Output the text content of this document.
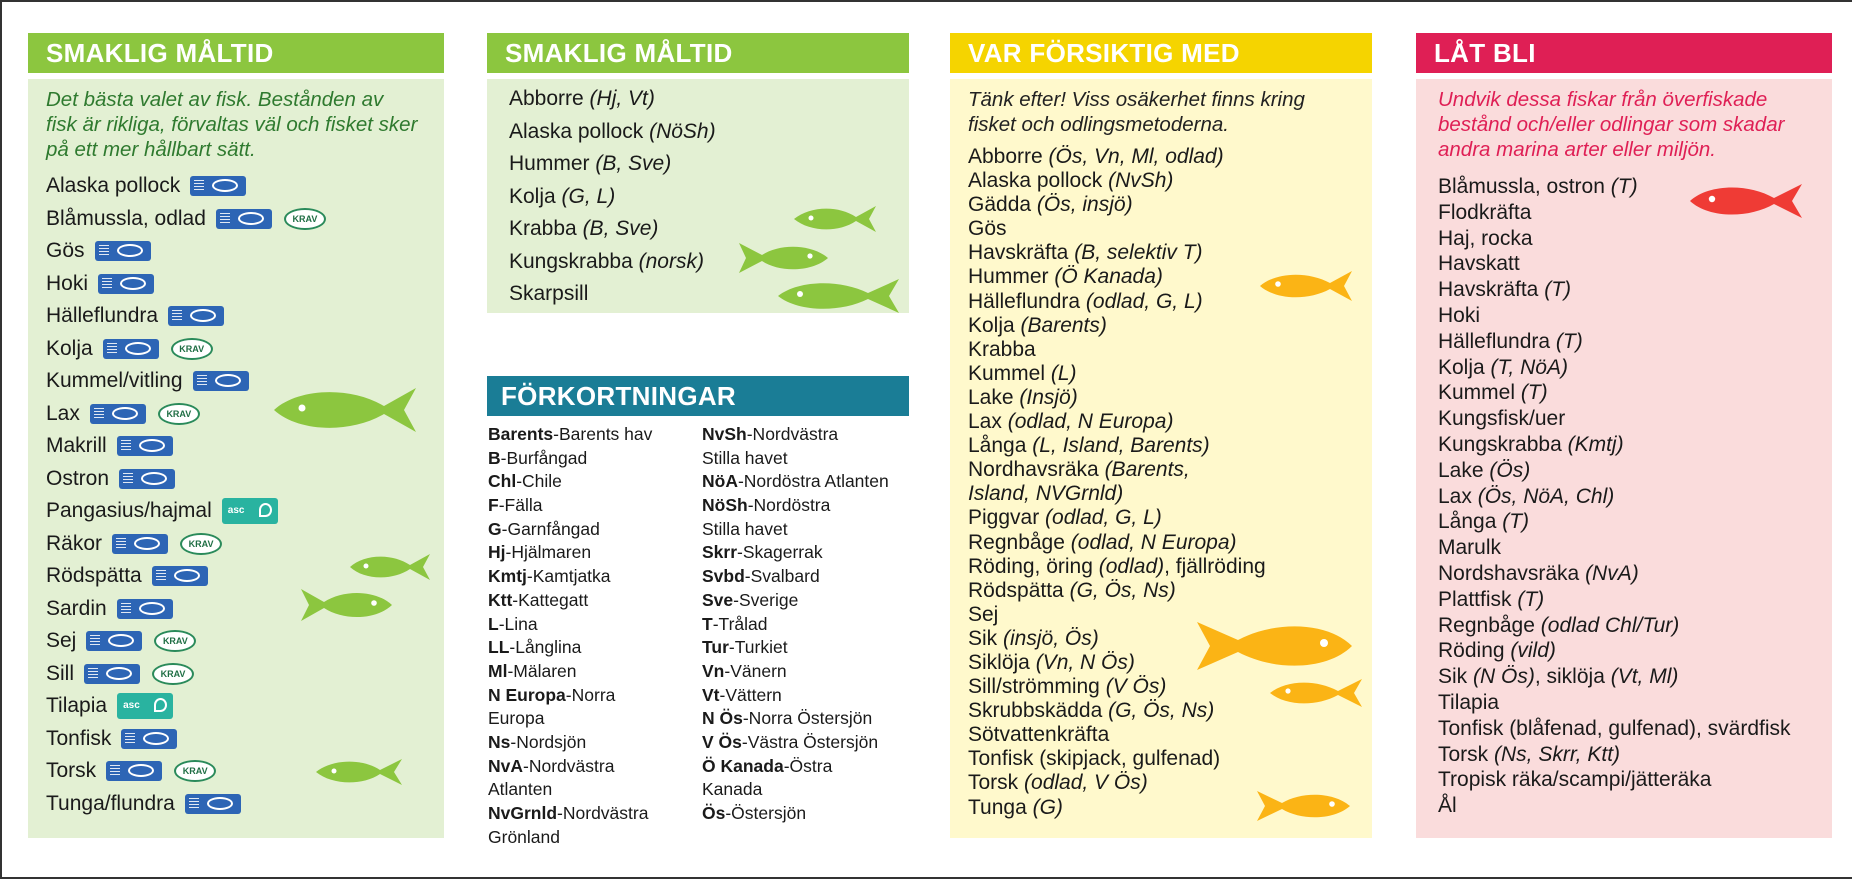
SMAKLIG MÅLTID
Det bästa valet av fisk. Bestånden av fisk är rikliga, förvaltas väl och fisket sker på ett mer hållbart sätt.
Alaska pollock
Blåmussla, odlad	KRAV
Gös
Hoki
Hälleflundra
Kolja	KRAV
Kummel/vitling
Lax	KRAV
Makrill
Ostron
Pangasius/hajmal	asc
Räkor	KRAV
Rödspätta
Sardin
Sej	KRAV
Sill	KRAV
Tilapia	asc
Tonfisk
Torsk	KRAV
Tunga/flundra
SMAKLIG MÅLTID
Abborre (Hj, Vt)
Alaska pollock (NöSh)
Hummer (B, Sve)
Kolja (G, L)
Krabba (B, Sve)
Kungskrabba (norsk)
Skarpsill
FÖRKORTNINGAR
Barents-Barents hav
B-Burfångad
Chl-Chile
F-Fälla
G-Garnfångad
Hj-Hjälmaren
Kmtj-Kamtjatka
Ktt-Kattegatt
L-Lina
LL-Långlina
Ml-Mälaren
N Europa-Norra
Europa
Ns-Nordsjön
NvA-Nordvästra
Atlanten
NvGrnld-Nordvästra
Grönland
NvSh-Nordvästra
Stilla havet
NöA-Nordöstra Atlanten
NöSh-Nordöstra
Stilla havet
Skrr-Skagerrak
Svbd-Svalbard
Sve-Sverige
T-Trålad
Tur-Turkiet
Vn-Vänern
Vt-Vättern
N Ös-Norra Östersjön
V Ös-Västra Östersjön
Ö Kanada-Östra
Kanada
Ös-Östersjön
VAR FÖRSIKTIG MED
Tänk efter! Viss osäkerhet finns kring fisket och odlingsmetoderna.
Abborre (Ös, Vn, Ml, odlad)
Alaska pollock (NvSh)
Gädda (Ös, insjö)
Gös
Havskräfta (B, selektiv T)
Hummer (Ö Kanada)
Hälleflundra (odlad, G, L)
Kolja (Barents)
Krabba
Kummel (L)
Lake (Insjö)
Lax (odlad, N Europa)
Långa (L, Island, Barents)
Nordhavsräka (Barents,
Island, NVGrnld)
Piggvar (odlad, G, L)
Regnbåge (odlad, N Europa)
Röding, öring (odlad), fjällröding
Rödspätta (G, Ös, Ns)
Sej
Sik (insjö, Ös)
Siklöja (Vn, N Ös)
Sill/strömming (V Ös)
Skrubbskädda (G, Ös, Ns)
Sötvattenkräfta
Tonfisk (skipjack, gulfenad)
Torsk (odlad, V Ös)
Tunga (G)
LÅT BLI
Undvik dessa fiskar från överfiskade bestånd och/eller odlingar som skadar andra marina arter eller miljön.
Blåmussla, ostron (T)
Flodkräfta
Haj, rocka
Havskatt
Havskräfta (T)
Hoki
Hälleflundra (T)
Kolja (T, NöA)
Kummel (T)
Kungsfisk/uer
Kungskrabba (Kmtj)
Lake (Ös)
Lax (Ös, NöA, Chl)
Långa (T)
Marulk
Nordshavsräka (NvA)
Plattfisk (T)
Regnbåge (odlad Chl/Tur)
Röding (vild)
Sik (N Ös), siklöja (Vt, Ml)
Tilapia
Tonfisk (blåfenad, gulfenad), svärdfisk
Torsk (Ns, Skrr, Ktt)
Tropisk räka/scampi/jätteräka
Ål
